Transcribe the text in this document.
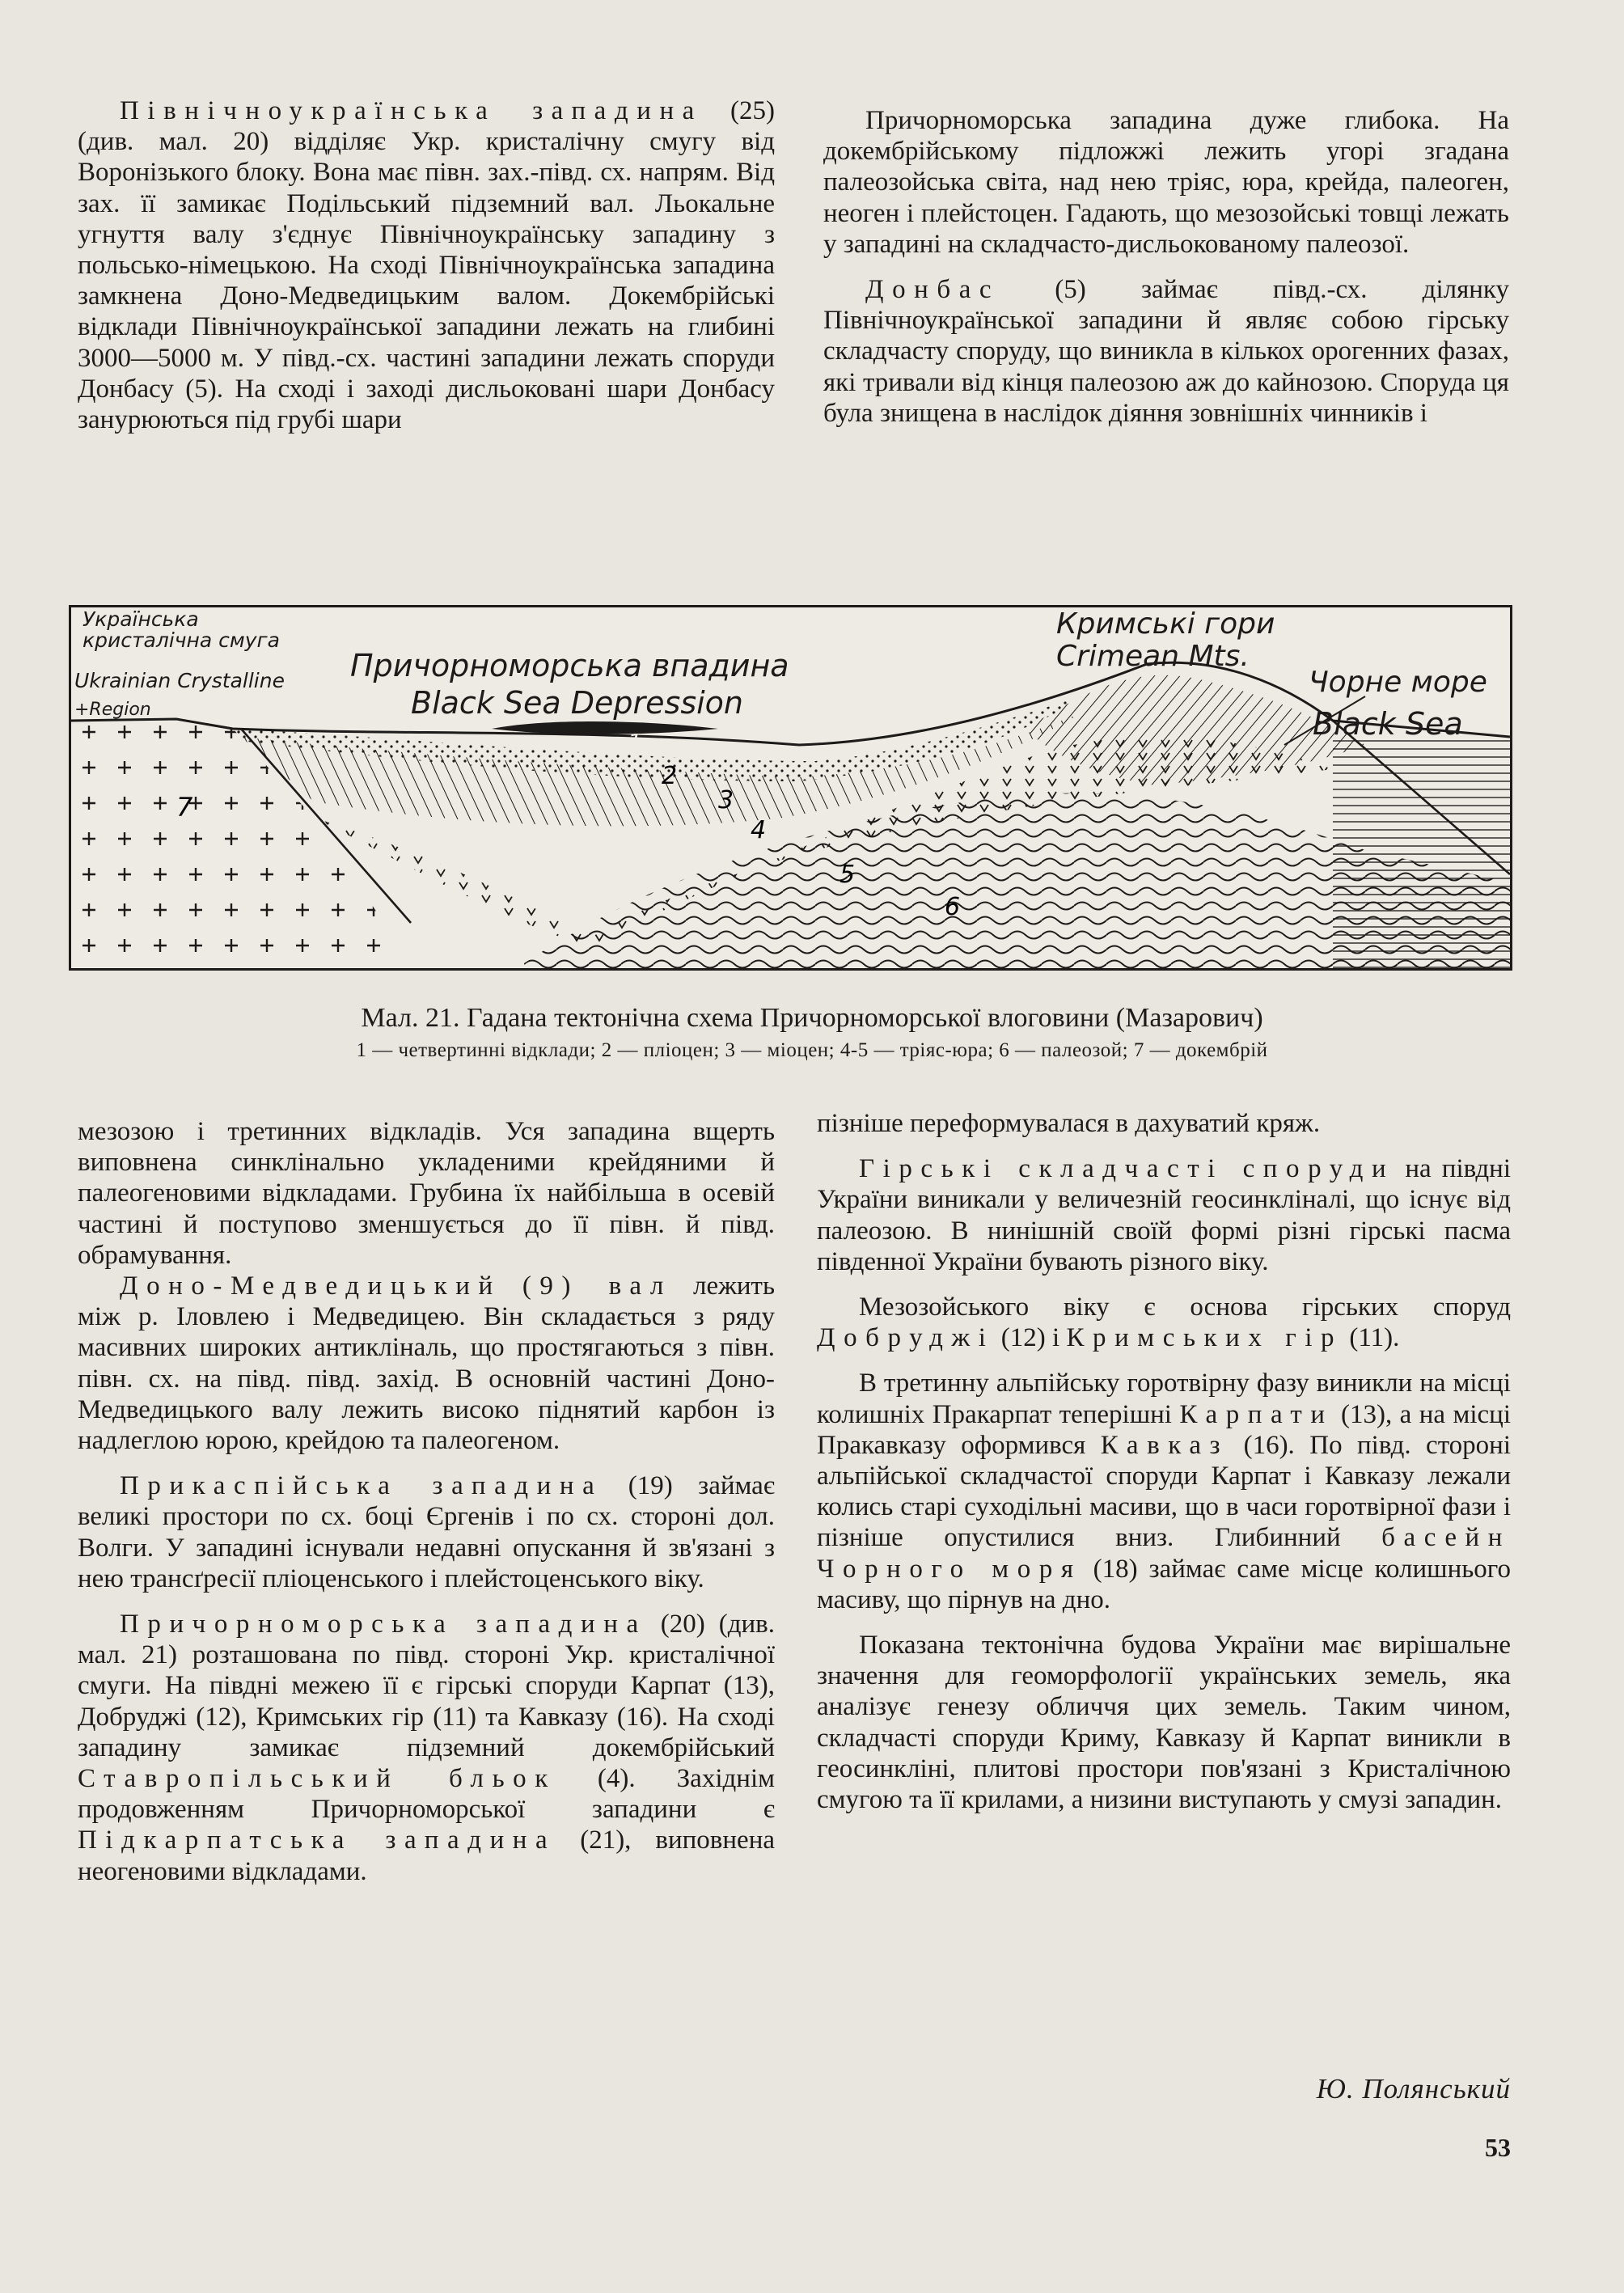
Північноукраїнська западина (25) (див. мал. 20) відділяє Укр. кристалічну смугу від Воронізького блоку. Вона має півн. зах.-півд. сх. напрям. Від зах. її замикає Подільський підземний вал. Льокальне угнуття валу з'єднує Північноукраїнську западину з польсько-німецькою. На сході Північноукраїнська западина замкнена Доно-Медведицьким валом. Докембрійські відклади Північноукраїнської западини лежать на глибині 3000—5000 м. У півд.-сх. частині западини лежать споруди Донбасу (5). На сході і заході дисльоковані шари Донбасу занурюються під грубі шари

Причорноморська западина дуже глибока. На докембрійському підложжі лежить угорі згадана палеозойська світа, над нею тріяс, юра, крейда, палеоген, неоген і плейстоцен. Гадають, що мезозойські товщі лежать у западині на складчасто-дисльокованому палеозої.

Донбас (5) займає півд.-сх. ділянку Північноукраїнської западини й являє собою гірську складчасту споруду, що виникла в кількох орогенних фазах, які тривали від кінця палеозою аж до кайнозою. Споруда ця була знищена в наслідок діяння зовнішніх чинників і

1
2
3
4
5
6
7
Українська
кристалічна смуга
Ukrainian Crystalline
+Region
Причорноморська впадина
Black Sea Depression
Кримські гори
Crimean Mts.
Чорне море
Black Sea
Мал. 21. Гадана тектонічна схема Причорноморської влоговини (Мазарович)
1 — четвертинні відклади; 2 — пліоцен; 3 — міоцен; 4-5 — тріяс-юра; 6 — палеозой; 7 — докембрій

мезозою і третинних відкладів. Уся западина вщерть виповнена синклінально укладеними крейдяними й палеогеновими відкладами. Грубина їх найбільша в осевій частині й поступово зменшується до її півн. й півд. обрамування.

Доно-Медведицький (9) вал лежить між р. Іловлею і Медведицею. Він складається з ряду масивних широких антикліналь, що простягаються з півн. півн. сх. на півд. півд. захід. В основній частині Доно-Медведицького валу лежить високо піднятий карбон із надлеглою юрою, крейдою та палеогеном.

Прикаспійська западина (19) займає великі простори по сх. боці Єргенів і по сх. стороні дол. Волги. У западині існували недавні опускання й зв'язані з нею трансґресії пліоценського і плейстоценського віку.

Причорноморська западина (20) (див. мал. 21) розташована по півд. стороні Укр. кристалічної смуги. На півдні межею її є гірські споруди Карпат (13), Добруджі (12), Кримських гір (11) та Кавказу (16). На сході западину замикає підземний докембрійський Ставропільський бльок (4). Західнім продовженням Причорноморської западини є Підкарпатська западина (21), виповнена неогеновими відкладами.

пізніше переформувалася в дахуватий кряж.

Гірські складчасті споруди на півдні України виникали у величезній геосинкліналі, що існує від палеозою. В нинішній своїй формі різні гірські пасма південної України бувають різного віку.

Мезозойського віку є основа гірських споруд Добруджі (12) і Кримських гір (11).

В третинну альпійську горотвірну фазу виникли на місці колишніх Пракарпат теперішні Карпати (13), а на місці Пракавказу оформився Кавказ (16). По півд. стороні альпійської складчастої споруди Карпат і Кавказу лежали колись старі суходільні масиви, що в часи горотвірної фази і пізніше опустилися вниз. Глибинний басейн Чорного моря (18) займає саме місце колишнього масиву, що пірнув на дно.

Показана тектонічна будова України має вирішальне значення для геоморфології українських земель, яка аналізує генезу обличчя цих земель. Таким чином, складчасті споруди Криму, Кавказу й Карпат виникли в геосинкліні, плитові простори пов'язані з Кристалічною смугою та її крилами, а низини виступають у смузі западин.

Ю. Полянський
53
